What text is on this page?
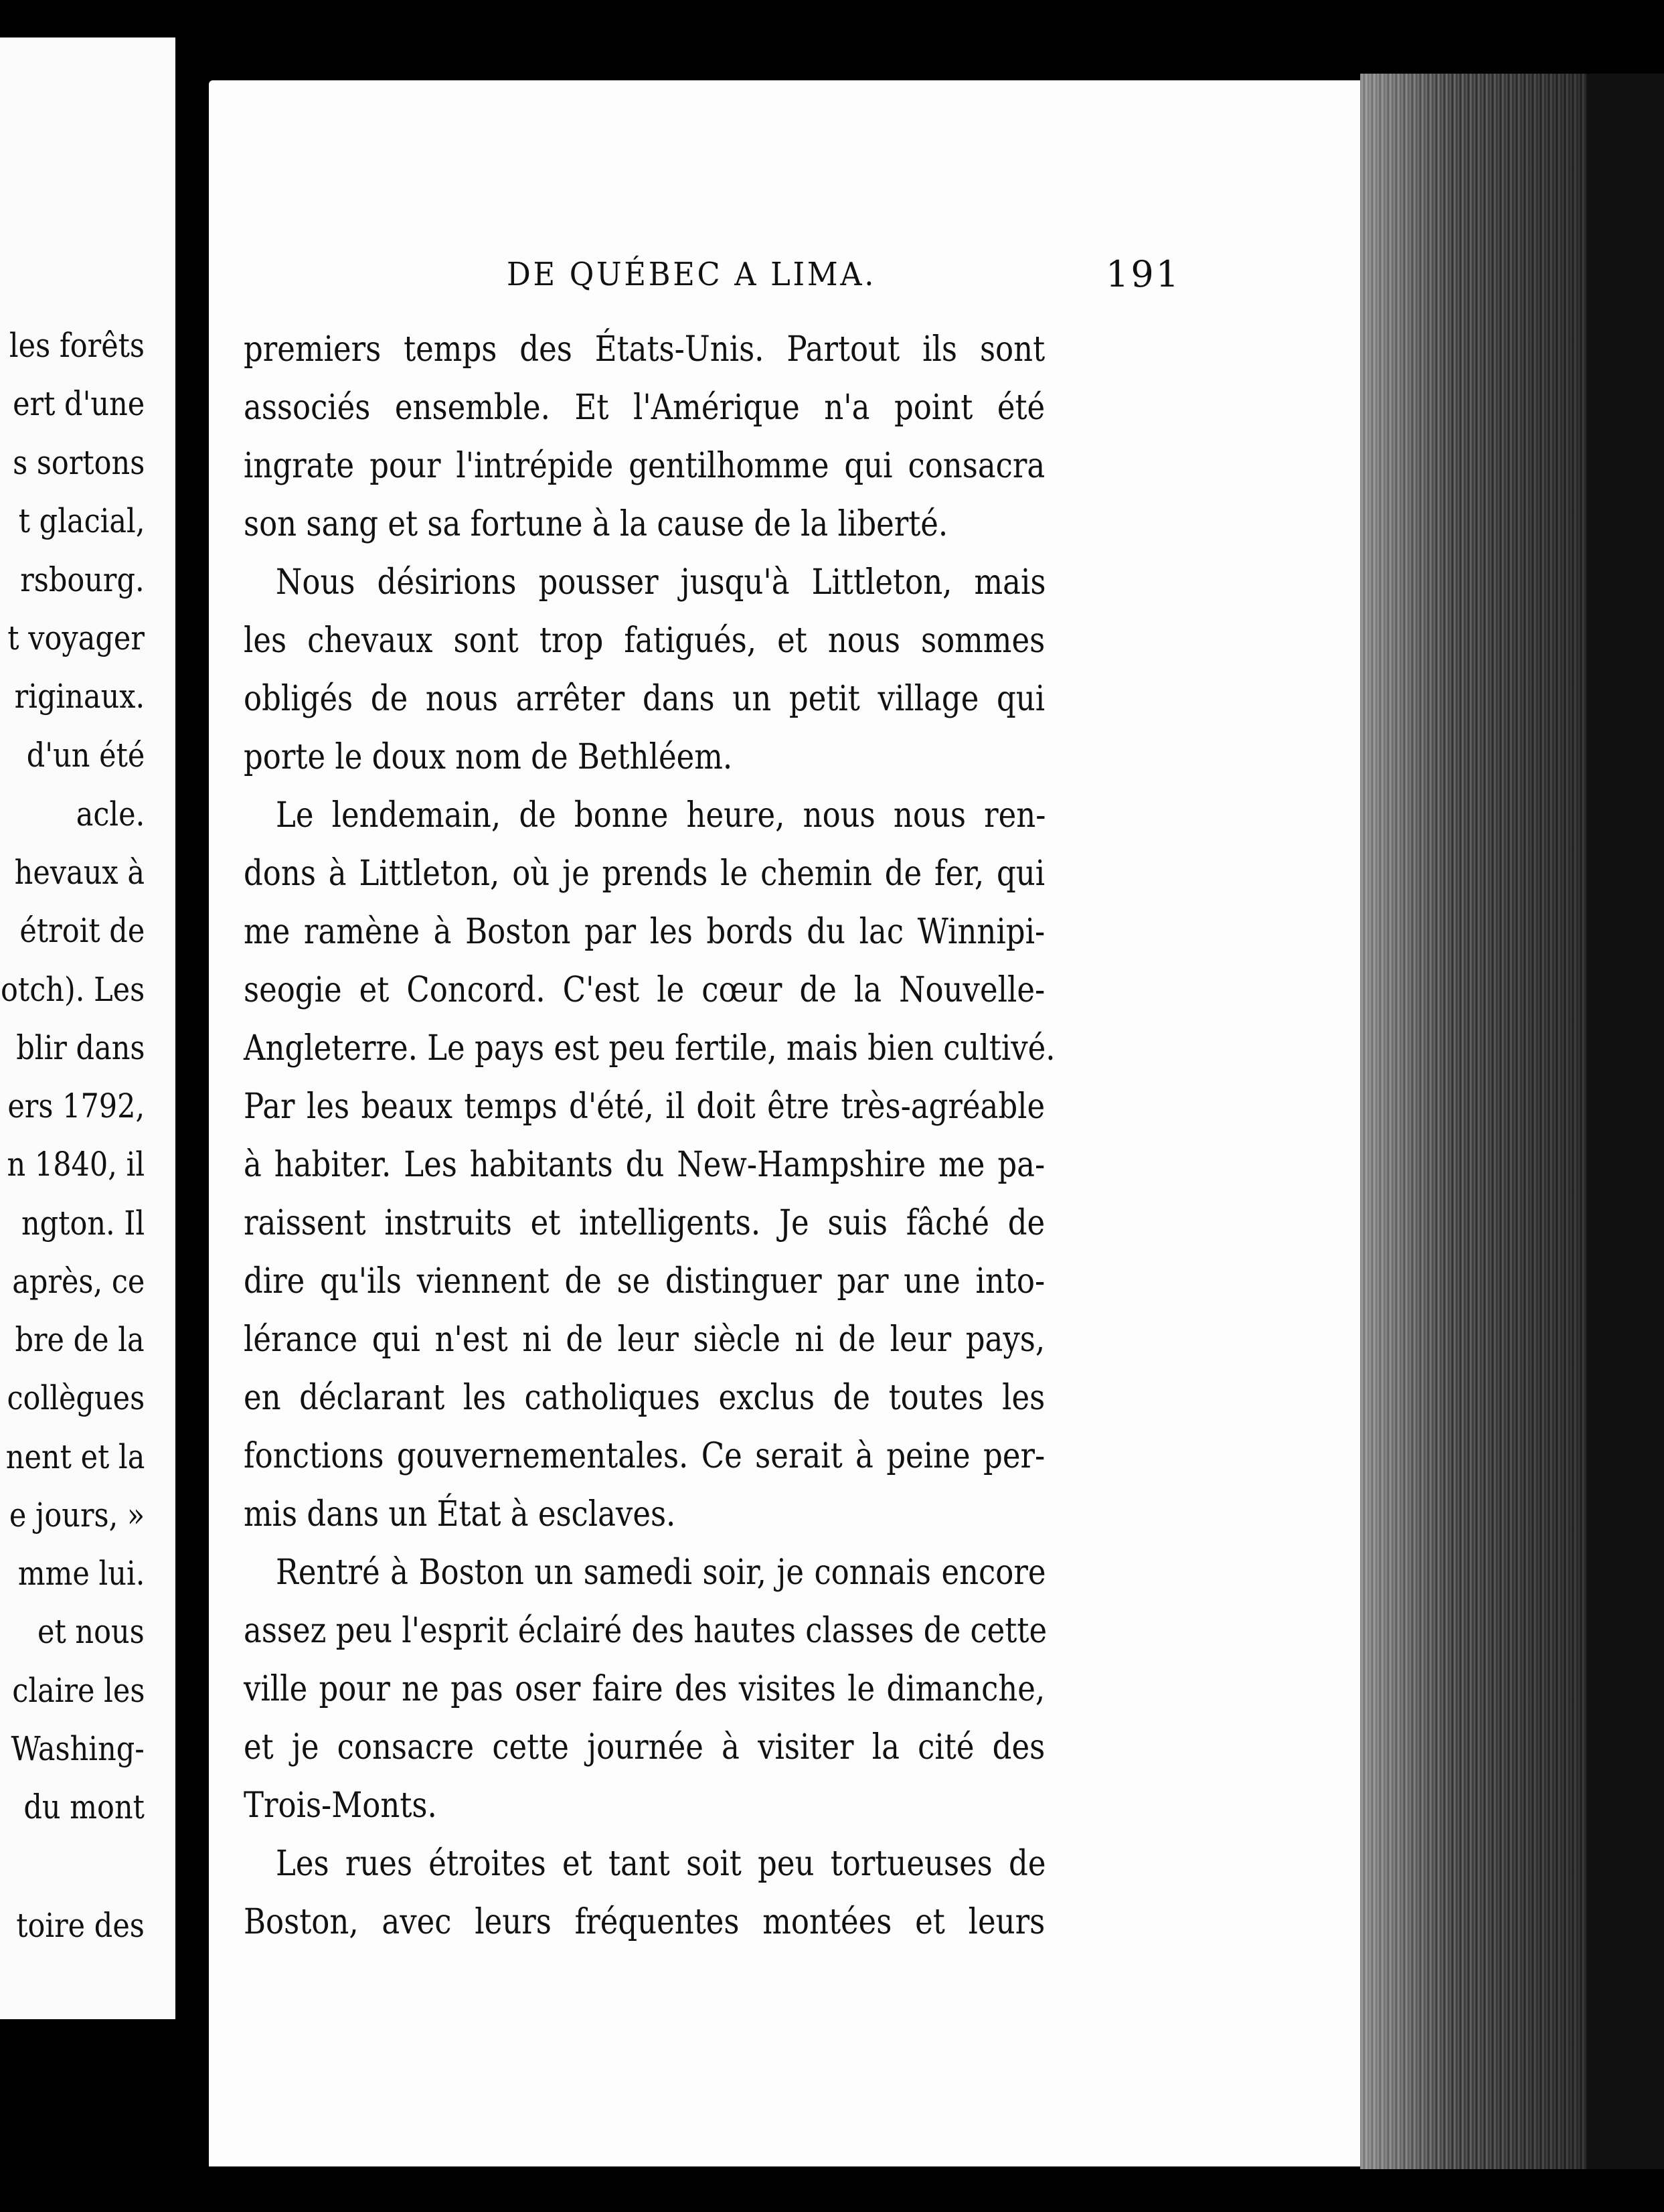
les forêts
ert d'une
s sortons
t glacial,
rsbourg.
t voyager
riginaux.
d'un été
acle.
hevaux à
étroit de
otch). Les
blir dans
ers 1792,
n 1840, il
ngton. Il
après, ce
bre de la
collègues
nent et la
e jours, »
mme lui.
et nous
claire les
Washing-
du mont
toire des
DE QUÉBEC A LIMA.	191
premiers temps des États-Unis. Partout ils sont
associés ensemble. Et l'Amérique n'a point été
ingrate pour l'intrépide gentilhomme qui consacra
son sang et sa fortune à la cause de la liberté.
Nous désirions pousser jusqu'à Littleton, mais
les chevaux sont trop fatigués, et nous sommes
obligés de nous arrêter dans un petit village qui
porte le doux nom de Bethléem.
Le lendemain, de bonne heure, nous nous ren-
dons à Littleton, où je prends le chemin de fer, qui
me ramène à Boston par les bords du lac Winnipi-
seogie et Concord. C'est le cœur de la Nouvelle-
Angleterre. Le pays est peu fertile, mais bien cultivé.
Par les beaux temps d'été, il doit être très-agréable
à habiter. Les habitants du New-Hampshire me pa-
raissent instruits et intelligents. Je suis fâché de
dire qu'ils viennent de se distinguer par une into-
lérance qui n'est ni de leur siècle ni de leur pays,
en déclarant les catholiques exclus de toutes les
fonctions gouvernementales. Ce serait à peine per-
mis dans un État à esclaves.
Rentré à Boston un samedi soir, je connais encore
assez peu l'esprit éclairé des hautes classes de cette
ville pour ne pas oser faire des visites le dimanche,
et je consacre cette journée à visiter la cité des
Trois-Monts.
Les rues étroites et tant soit peu tortueuses de
Boston, avec leurs fréquentes montées et leurs
